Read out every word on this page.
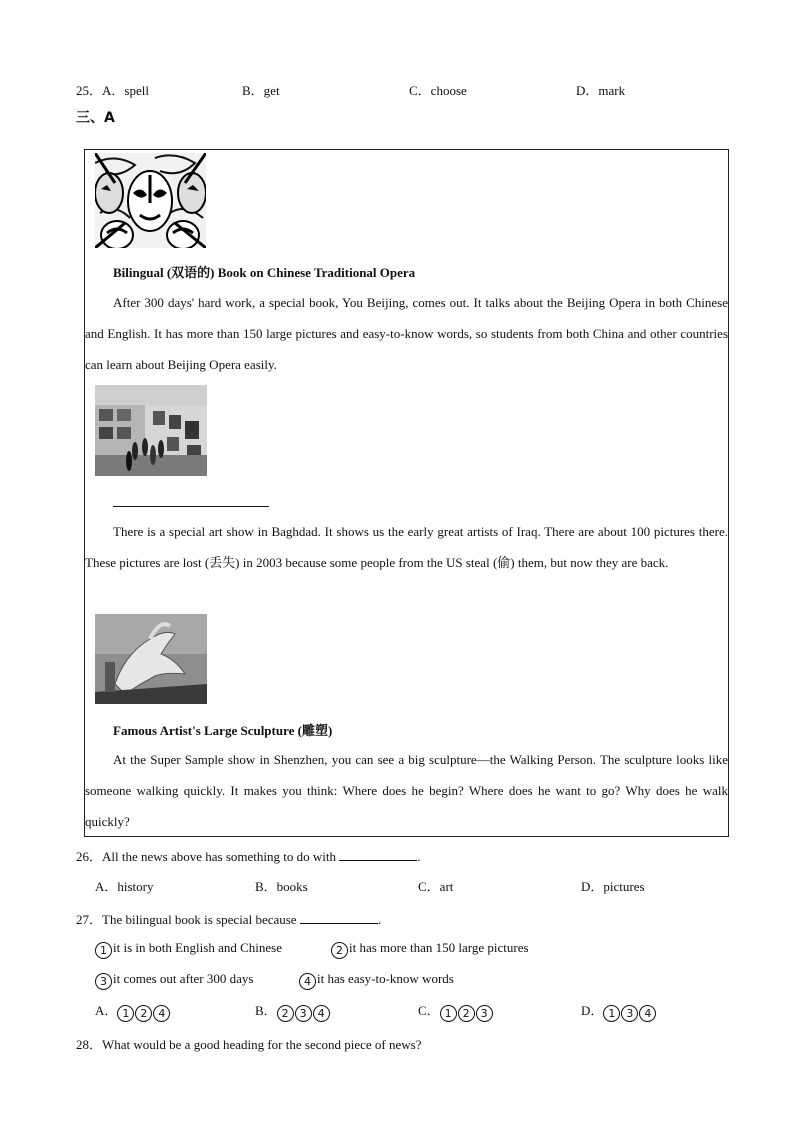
25．A．spell	B．get	C．choose	D．mark
三、A
Bilingual (双语的) Book on Chinese Traditional Opera
After 300 days' hard work, a special book, You Beijing, comes out. It talks about the Beijing Opera in both Chinese and English. It has more than 150 large pictures and easy-to-know words, so students from both China and other countries can learn about Beijing Opera easily.
There is a special art show in Baghdad. It shows us the early great artists of Iraq. There are about 100 pictures there. These pictures are lost (丢失) in 2003 because some people from the US steal (偷) them, but now they are back.
Famous Artist's Large Sculpture (雕塑)
At the Super Sample show in Shenzhen, you can see a big sculpture—the Walking Person. The sculpture looks like someone walking quickly. It makes you think: Where does he begin? Where does he want to go? Why does he walk quickly?
26．All the news above has something to do with	.
A．history	B．books	C．art	D．pictures
27．The bilingual book is special because	.
1 it is in both English and Chinese	2 it has more than 150 large pictures
3 it comes out after 300 days	4 it has easy-to-know words
A． 1 2 4	B． 2 3 4	C． 1 2 3	D． 1 3 4
28．What would be a good heading for the second piece of news?
